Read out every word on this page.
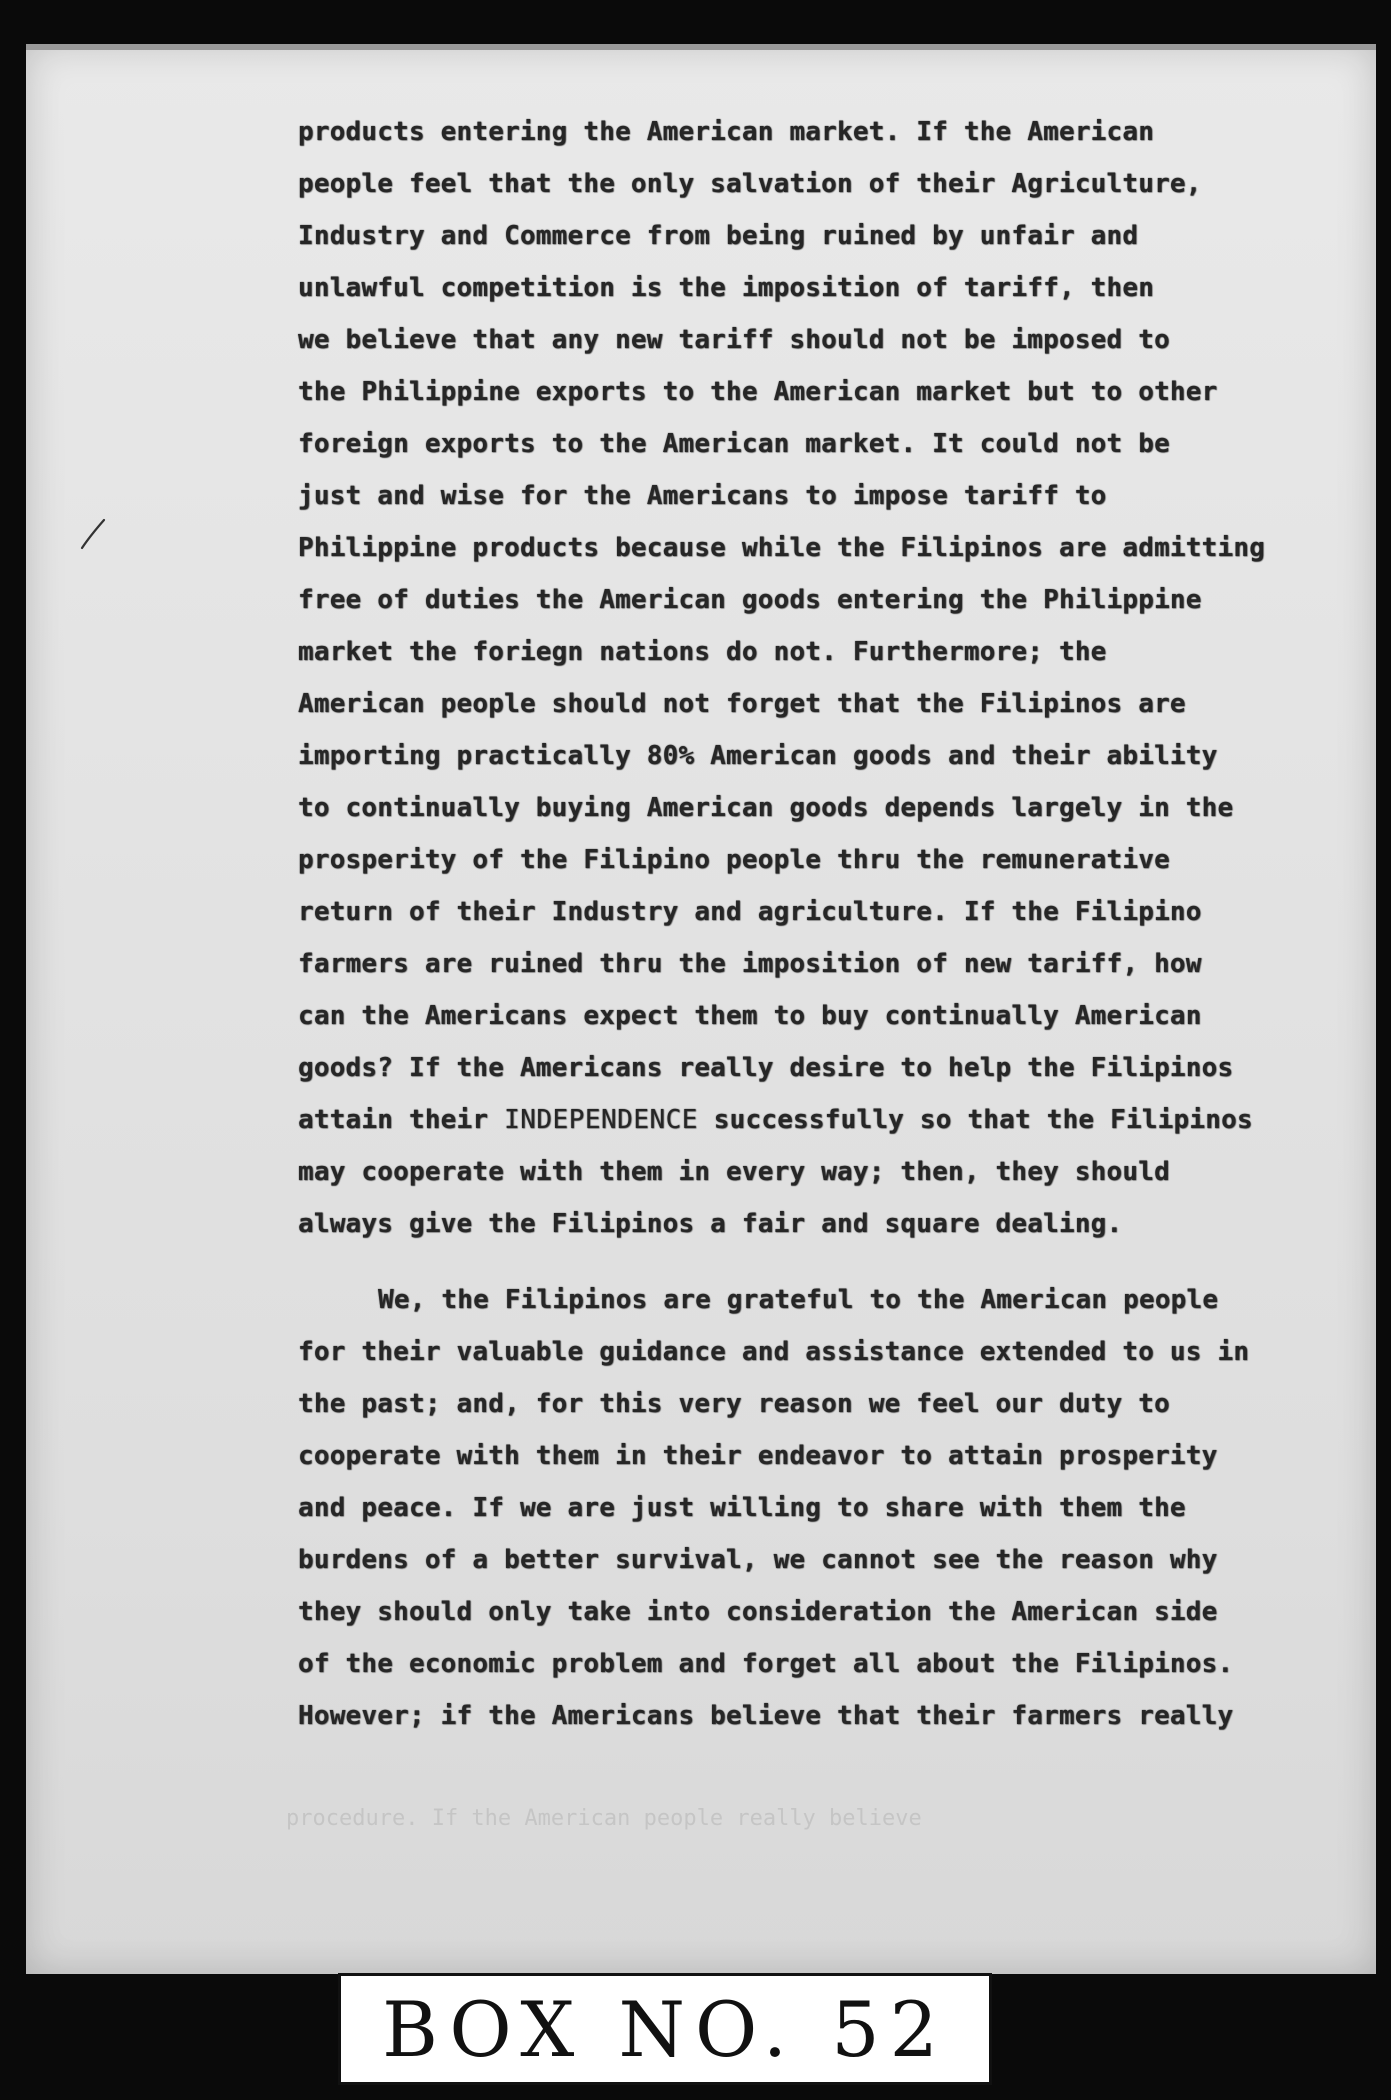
products entering the American market. If the American
people feel that the only salvation of their Agriculture,
Industry and Commerce from being ruined by unfair and
unlawful competition is the imposition of tariff, then
we believe that any new tariff should not be imposed to
the Philippine exports to the American market but to other
foreign exports to the American market. It could not be
just and wise for the Americans to impose tariff to
Philippine products because while the Filipinos are admitting
free of duties the American goods entering the Philippine
market the foriegn nations do not. Furthermore; the
American people should not forget that the Filipinos are
importing practically 80% American goods and their ability
to continually buying American goods depends largely in the
prosperity of the Filipino people thru the remunerative
return of their Industry and agriculture. If the Filipino
farmers are ruined thru the imposition of new tariff, how
can the Americans expect them to buy continually American
goods? If the Americans really desire to help the Filipinos
attain their INDEPENDENCE successfully so that the Filipinos
may cooperate with them in every way; then, they should
always give the Filipinos a fair and square dealing.
We, the Filipinos are grateful to the American people
for their valuable guidance and assistance extended to us in
the past; and, for this very reason we feel our duty to
cooperate with them in their endeavor to attain prosperity
and peace. If we are just willing to share with them the
burdens of a better survival, we cannot see the reason why
they should only take into consideration the American side
of the economic problem and forget all about the Filipinos.
However; if the Americans believe that their farmers really
procedure. If the American people really believe
BOX NO. 52
